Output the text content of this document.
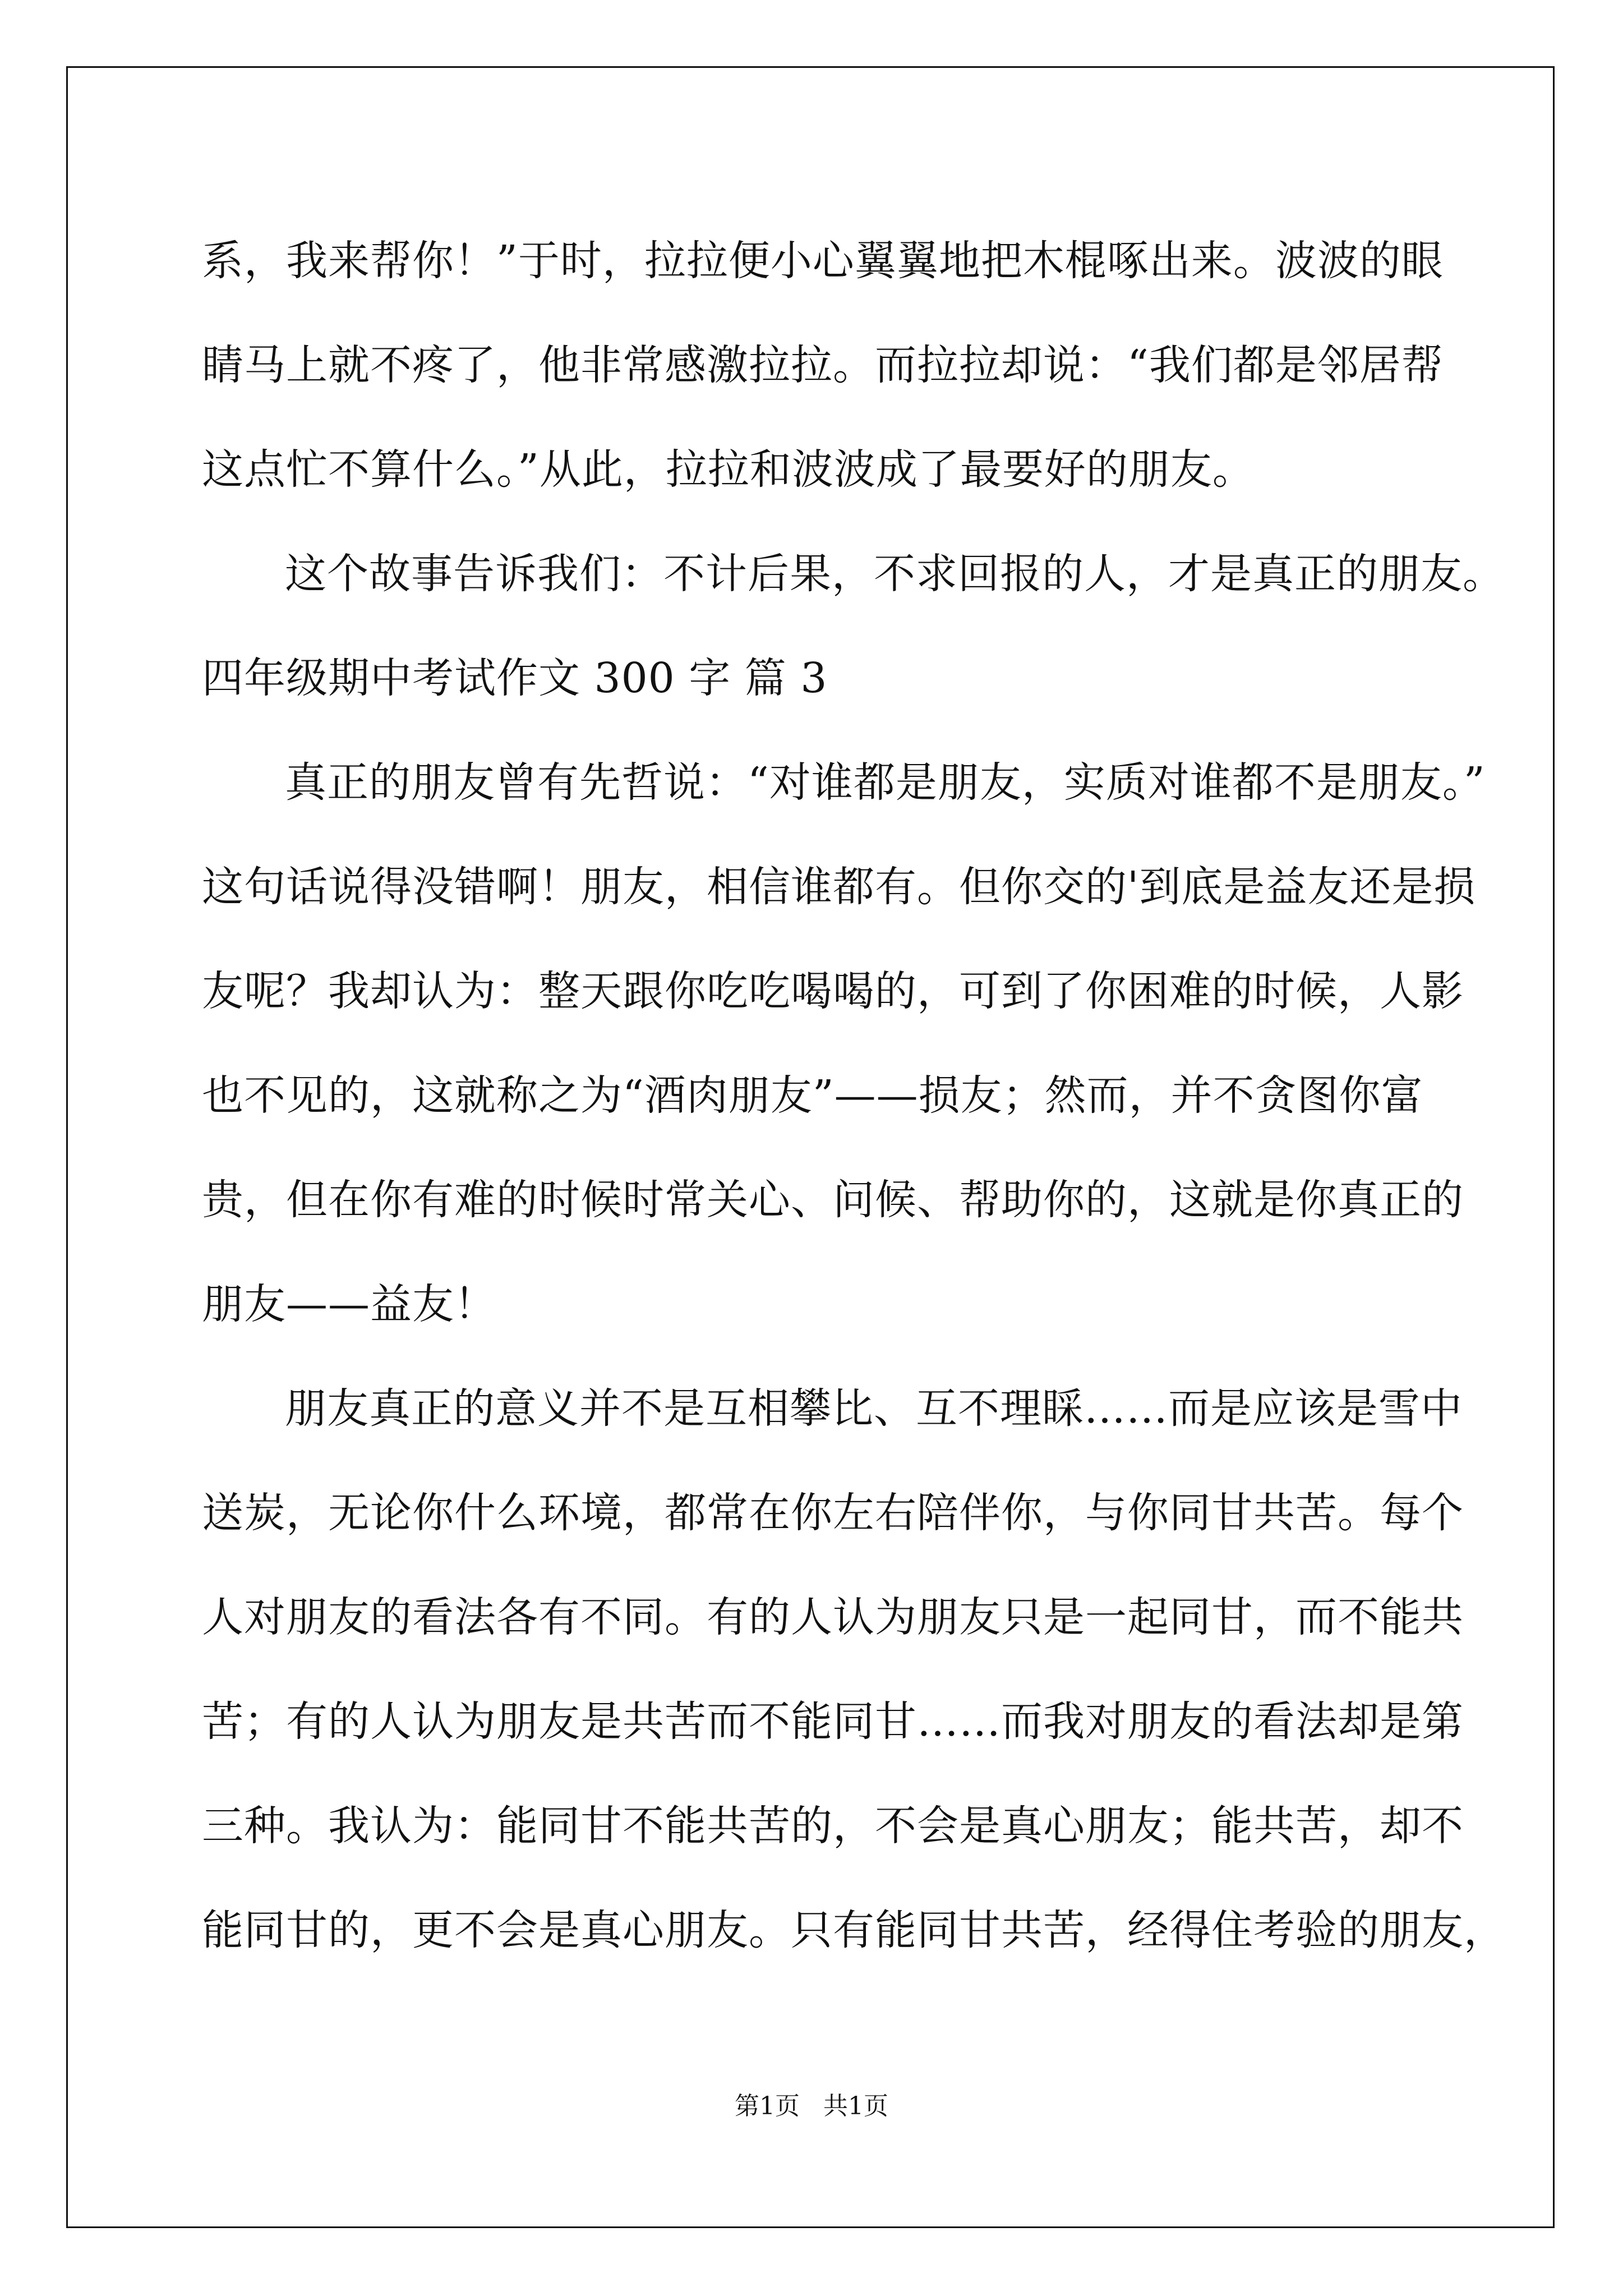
系，我来帮你！”于时，拉拉便小心翼翼地把木棍啄出来。波波的眼
睛马上就不疼了，他非常感激拉拉。而拉拉却说：“我们都是邻居帮
这点忙不算什么。”从此，拉拉和波波成了最要好的朋友。
这个故事告诉我们：不计后果，不求回报的人，才是真正的朋友。
四年级期中考试作文 300 字 篇 3
真正的朋友曾有先哲说：“对谁都是朋友，实质对谁都不是朋友。”
这句话说得没错啊！朋友，相信谁都有。但你交的'到底是益友还是损
友呢？我却认为：整天跟你吃吃喝喝的，可到了你困难的时候，人影
也不见的，这就称之为“酒肉朋友”——损友；然而，并不贪图你富
贵，但在你有难的时候时常关心、问候、帮助你的，这就是你真正的
朋友——益友！
朋友真正的意义并不是互相攀比、互不理睬……而是应该是雪中
送炭，无论你什么环境，都常在你左右陪伴你，与你同甘共苦。每个
人对朋友的看法各有不同。有的人认为朋友只是一起同甘，而不能共
苦；有的人认为朋友是共苦而不能同甘……而我对朋友的看法却是第
三种。我认为：能同甘不能共苦的，不会是真心朋友；能共苦，却不
能同甘的，更不会是真心朋友。只有能同甘共苦，经得住考验的朋友，
第1页   共1页
